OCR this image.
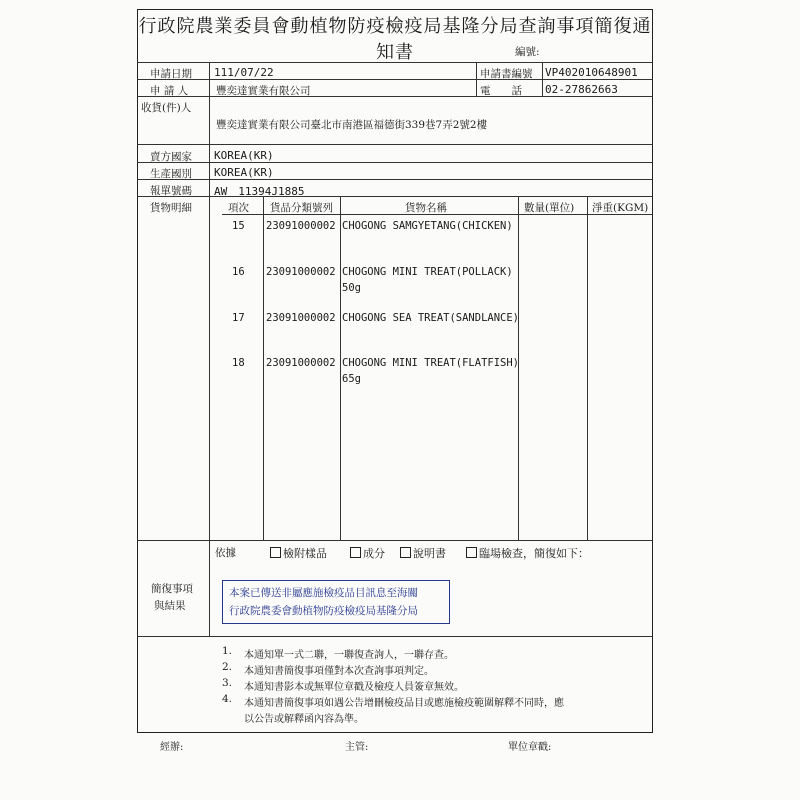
行政院農業委員會動植物防疫檢疫局基隆分局查詢事項簡復通知書	編號:
申請日期 111/07/22	申請書編號 VP402010648901
申 請 人	豐奕達實業有限公司	電　　話 02-27862663
收貨(件)人
豐奕達實業有限公司臺北市南港區福德街339巷7弄2號2樓
賣方國家 KOREA(KR)
生產國別 KOREA(KR)
報單號碼 AW　11394J1885
貨物明細	項次 貨品分類號列	貨物名稱	數量(單位) 淨重(KGM)
15 23091000002 CHOGONG SAMGYETANG(CHICKEN)
16 23091000002 CHOGONG MINI TREAT(POLLACK)
50g
17 23091000002 CHOGONG SEA TREAT(SANDLANCE)
18 23091000002 CHOGONG MINI TREAT(FLATFISH)
65g
依據	檢附樣品	成分	說明書	臨場檢查，簡復如下：
簡復事項
與結果
本案已傳送非屬應施檢疫品目訊息至海關
行政院農委會動植物防疫檢疫局基隆分局
1. 本通知單一式二聯，一聯復查詢人，一聯存查。
2. 本通知書簡復事項僅對本次查詢事項判定。
3. 本通知書影本或無單位章戳及檢疫人員簽章無效。
4. 本通知書簡復事項如遇公告增刪檢疫品目或應施檢疫範圍解釋不同時，應
以公告或解釋函內容為準。
經辦:	主管:	單位章戳:
